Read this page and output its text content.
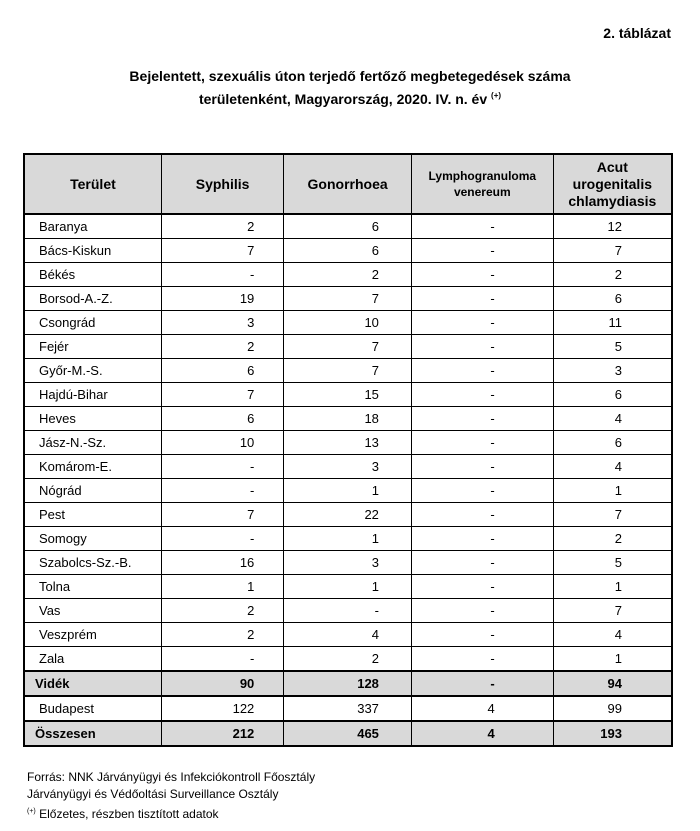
2. táblázat
Bejelentett, szexuális úton terjedő fertőző megbetegedések száma
területenként, Magyarország, 2020. IV. n. év (+)
Terület	Syphilis	Gonorrhoea	Lymphogranuloma venereum	Acut urogenitalis chlamydiasis
Baranya	2	6	-	12
Bács-Kiskun	7	6	-	7
Békés	-	2	-	2
Borsod-A.-Z.	19	7	-	6
Csongrád	3	10	-	11
Fejér	2	7	-	5
Győr-M.-S.	6	7	-	3
Hajdú-Bihar	7	15	-	6
Heves	6	18	-	4
Jász-N.-Sz.	10	13	-	6
Komárom-E.	-	3	-	4
Nógrád	-	1	-	1
Pest	7	22	-	7
Somogy	-	1	-	2
Szabolcs-Sz.-B.	16	3	-	5
Tolna	1	1	-	1
Vas	2	-	-	7
Veszprém	2	4	-	4
Zala	-	2	-	1
Vidék	90	128	-	94
Budapest	122	337	4	99
Összesen	212	465	4	193
Forrás: NNK Járványügyi és Infekciókontroll Főosztály
Járványügyi és Védőoltási Surveillance Osztály
(+) Előzetes, részben tisztított adatok
